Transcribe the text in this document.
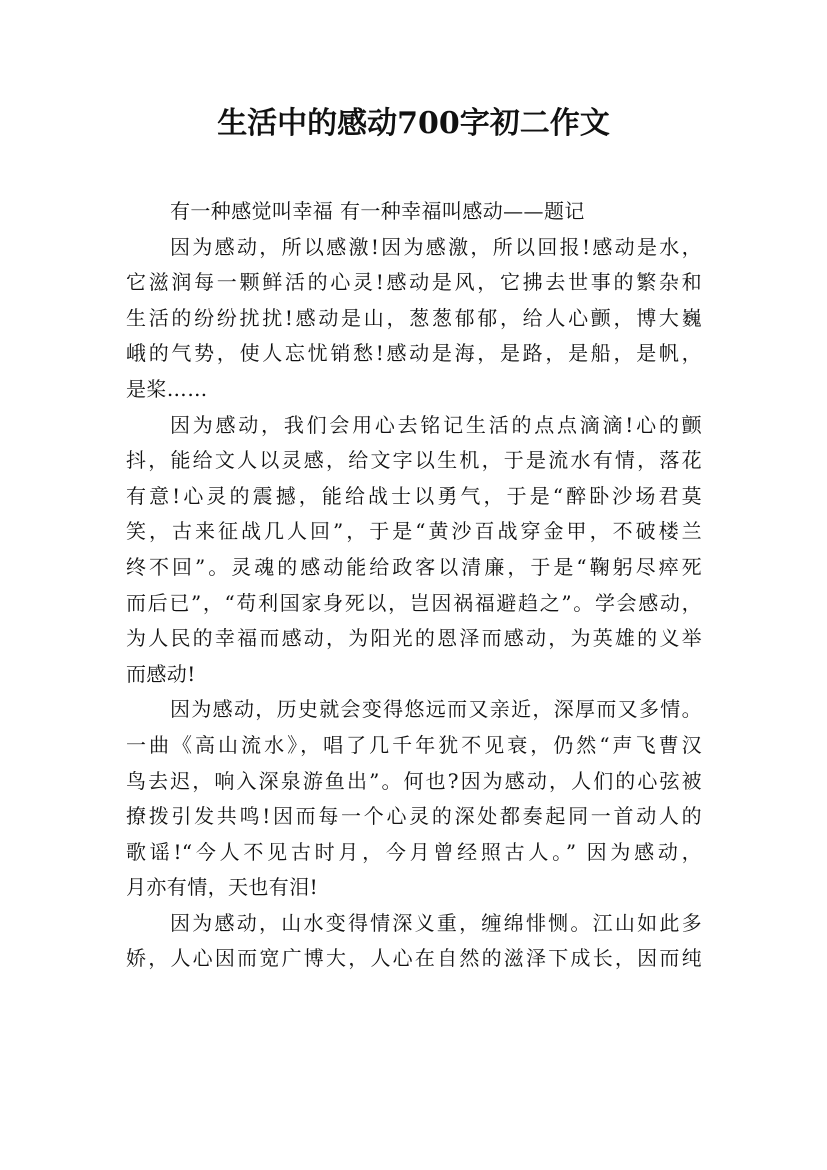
生活中的感动700字初二作文
有一种感觉叫幸福 有一种幸福叫感动——题记
因为感动，所以感激!因为感激，所以回报!感动是水，
它滋润每一颗鲜活的心灵!感动是风，它拂去世事的繁杂和
生活的纷纷扰扰!感动是山，葱葱郁郁，给人心颤，博大巍
峨的气势，使人忘忧销愁!感动是海，是路，是船，是帆，
是桨……
因为感动，我们会用心去铭记生活的点点滴滴!心的颤
抖，能给文人以灵感，给文字以生机，于是流水有情，落花
有意!心灵的震撼，能给战士以勇气，于是“醉卧沙场君莫
笑，古来征战几人回”，于是“黄沙百战穿金甲，不破楼兰
终不回”。灵魂的感动能给政客以清廉，于是“鞠躬尽瘁死
而后已”，“苟利国家身死以，岂因祸福避趋之”。学会感动，
为人民的幸福而感动，为阳光的恩泽而感动，为英雄的义举
而感动!
因为感动，历史就会变得悠远而又亲近，深厚而又多情。
一曲《高山流水》，唱了几千年犹不见衰，仍然“声飞曹汉
鸟去迟，响入深泉游鱼出”。何也?因为感动，人们的心弦被
撩拨引发共鸣!因而每一个心灵的深处都奏起同一首动人的
歌谣!“今人不见古时月，今月曾经照古人。” 因为感动，
月亦有情，天也有泪!
因为感动，山水变得情深义重，缠绵悱恻。江山如此多
娇，人心因而宽广博大，人心在自然的滋泽下成长，因而纯
